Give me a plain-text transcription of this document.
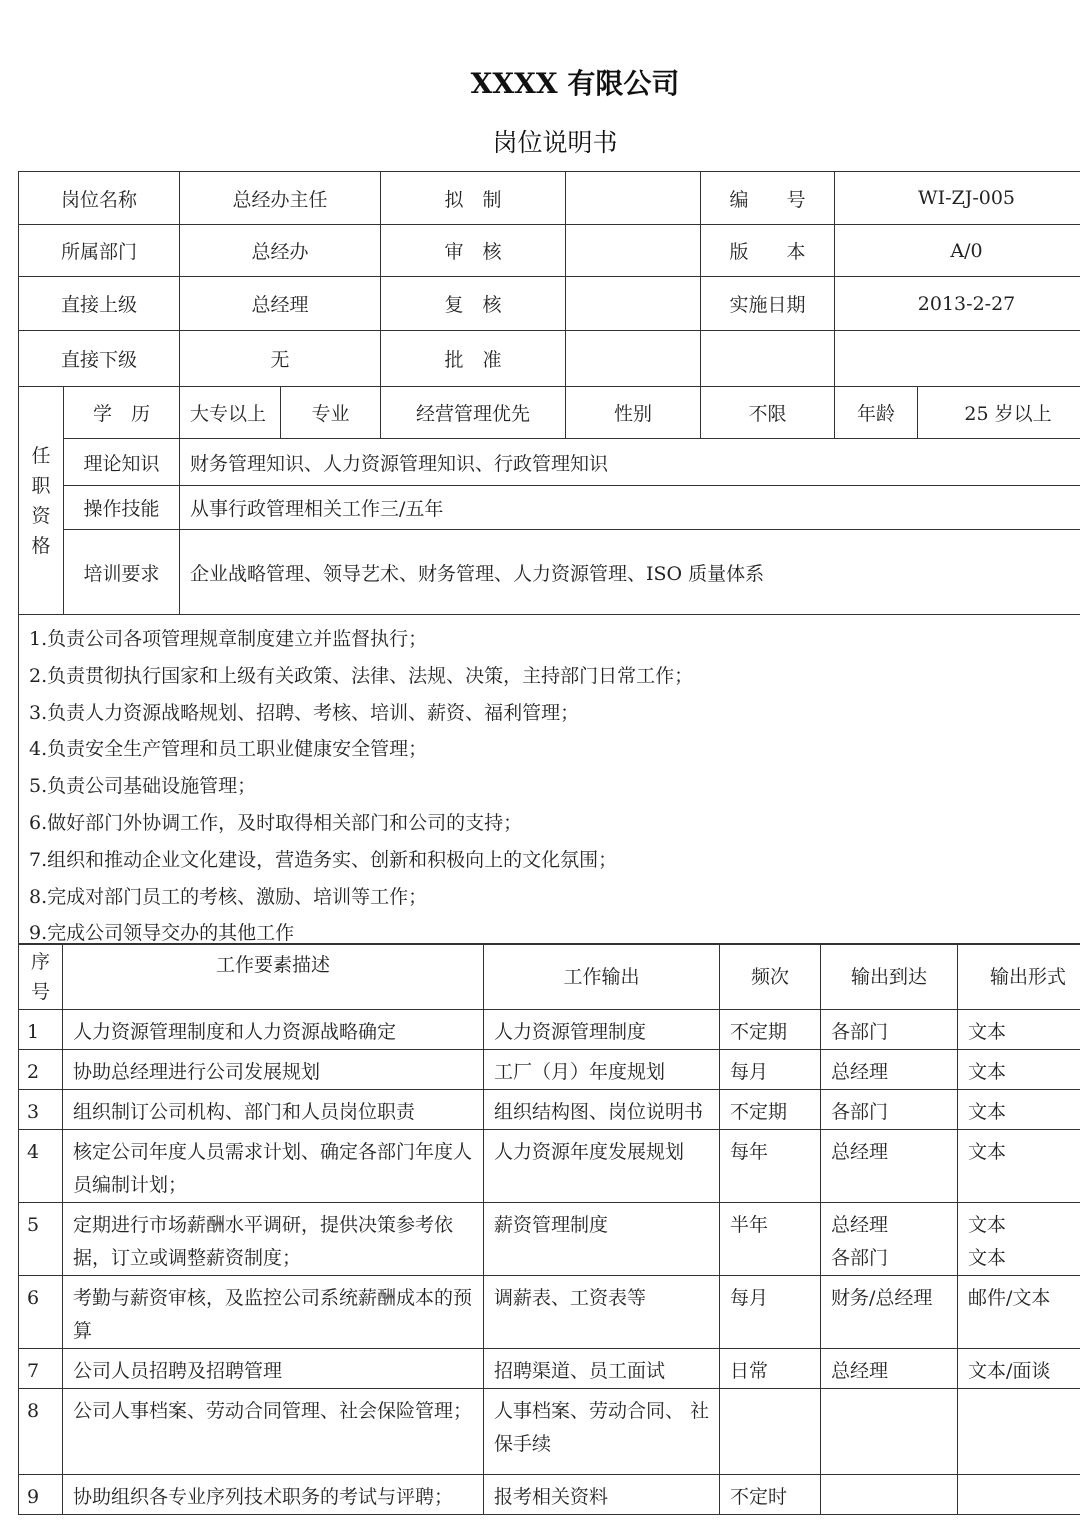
XXXX 有限公司
岗位说明书
岗位名称		总经办主任		拟　制		编　　号	WI-ZJ-005	
所属部门		总经办		审　核		版　　本	A/0	
直接上级		总经理		复　核		实施日期	2013-2-27	
直接下级		无		批　准				
任职资格	学　历	大专以上	专业	经营管理优先	性别	不限	年龄	25 岁以上
	理论知识	财务管理知识、人力资源管理知识、行政管理知识						
	操作技能	从事行政管理相关工作三/五年						
	培训要求	企业战略管理、领导艺术、财务管理、人力资源管理、ISO 质量体系						
1.负责公司各项管理规章制度建立并监督执行；
2.负责贯彻执行国家和上级有关政策、法律、法规、决策，主持部门日常工作；
3.负责人力资源战略规划、招聘、考核、培训、薪资、福利管理；
4.负责安全生产管理和员工职业健康安全管理；
5.负责公司基础设施管理；
6.做好部门外协调工作，及时取得相关部门和公司的支持；
7.组织和推动企业文化建设，营造务实、创新和积极向上的文化氛围；
8.完成对部门员工的考核、激励、培训等工作；
9.完成公司领导交办的其他工作
序号	工作要素描述	工作输出	频次	输出到达	输出形式
1	人力资源管理制度和人力资源战略确定	人力资源管理制度	不定期	各部门	文本
2	协助总经理进行公司发展规划	工厂（月）年度规划	每月	总经理	文本
3	组织制订公司机构、部门和人员岗位职责	组织结构图、岗位说明书	不定期	各部门	文本
4	核定公司年度人员需求计划、确定各部门年度人员编制计划；	人力资源年度发展规划	每年	总经理	文本
5	定期进行市场薪酬水平调研，提供决策参考依据，订立或调整薪资制度；	薪资管理制度	半年	总经理 各部门	文本 文本
6	考勤与薪资审核，及监控公司系统薪酬成本的预算	调薪表、工资表等	每月	财务/总经理	邮件/文本
7	公司人员招聘及招聘管理	招聘渠道、员工面试	日常	总经理	文本/面谈
8	公司人事档案、劳动合同管理、社会保险管理；	人事档案、劳动合同、 社保手续			
9	协助组织各专业序列技术职务的考试与评聘；	报考相关资料	不定时		
